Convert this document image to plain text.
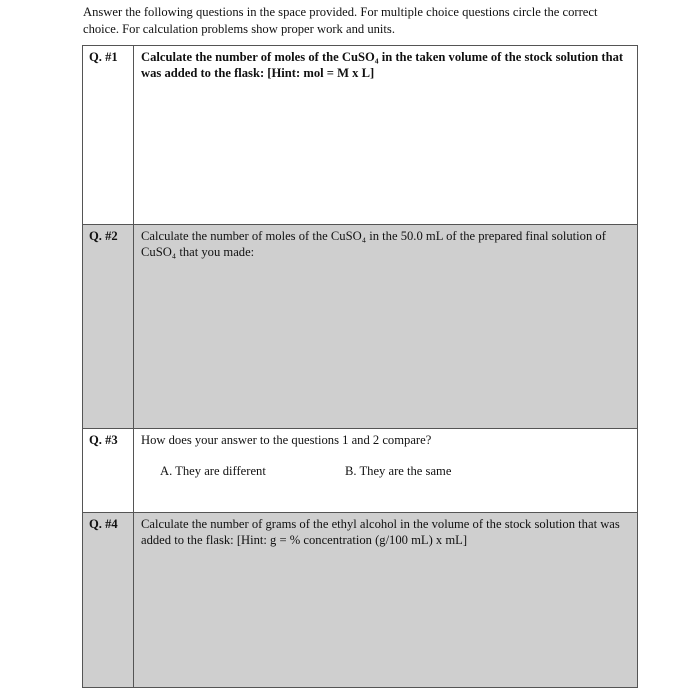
Answer the following questions in the space provided. For multiple choice questions circle the correct choice. For calculation problems show proper work and units.
Q. #1	Calculate the number of moles of the CuSO₄ in the taken volume of the stock solution that was added to the flask: [Hint: mol = M x L]

Q. #2	Calculate the number of moles of the CuSO₄ in the 50.0 mL of the prepared final solution of CuSO₄ that you made:

Q. #3	How does your answer to the questions 1 and 2 compare?
A. They are different B. They are the same

Q. #4	Calculate the number of grams of the ethyl alcohol in the volume of the stock solution that was added to the flask: [Hint: g = % concentration (g/100 mL) x mL]
